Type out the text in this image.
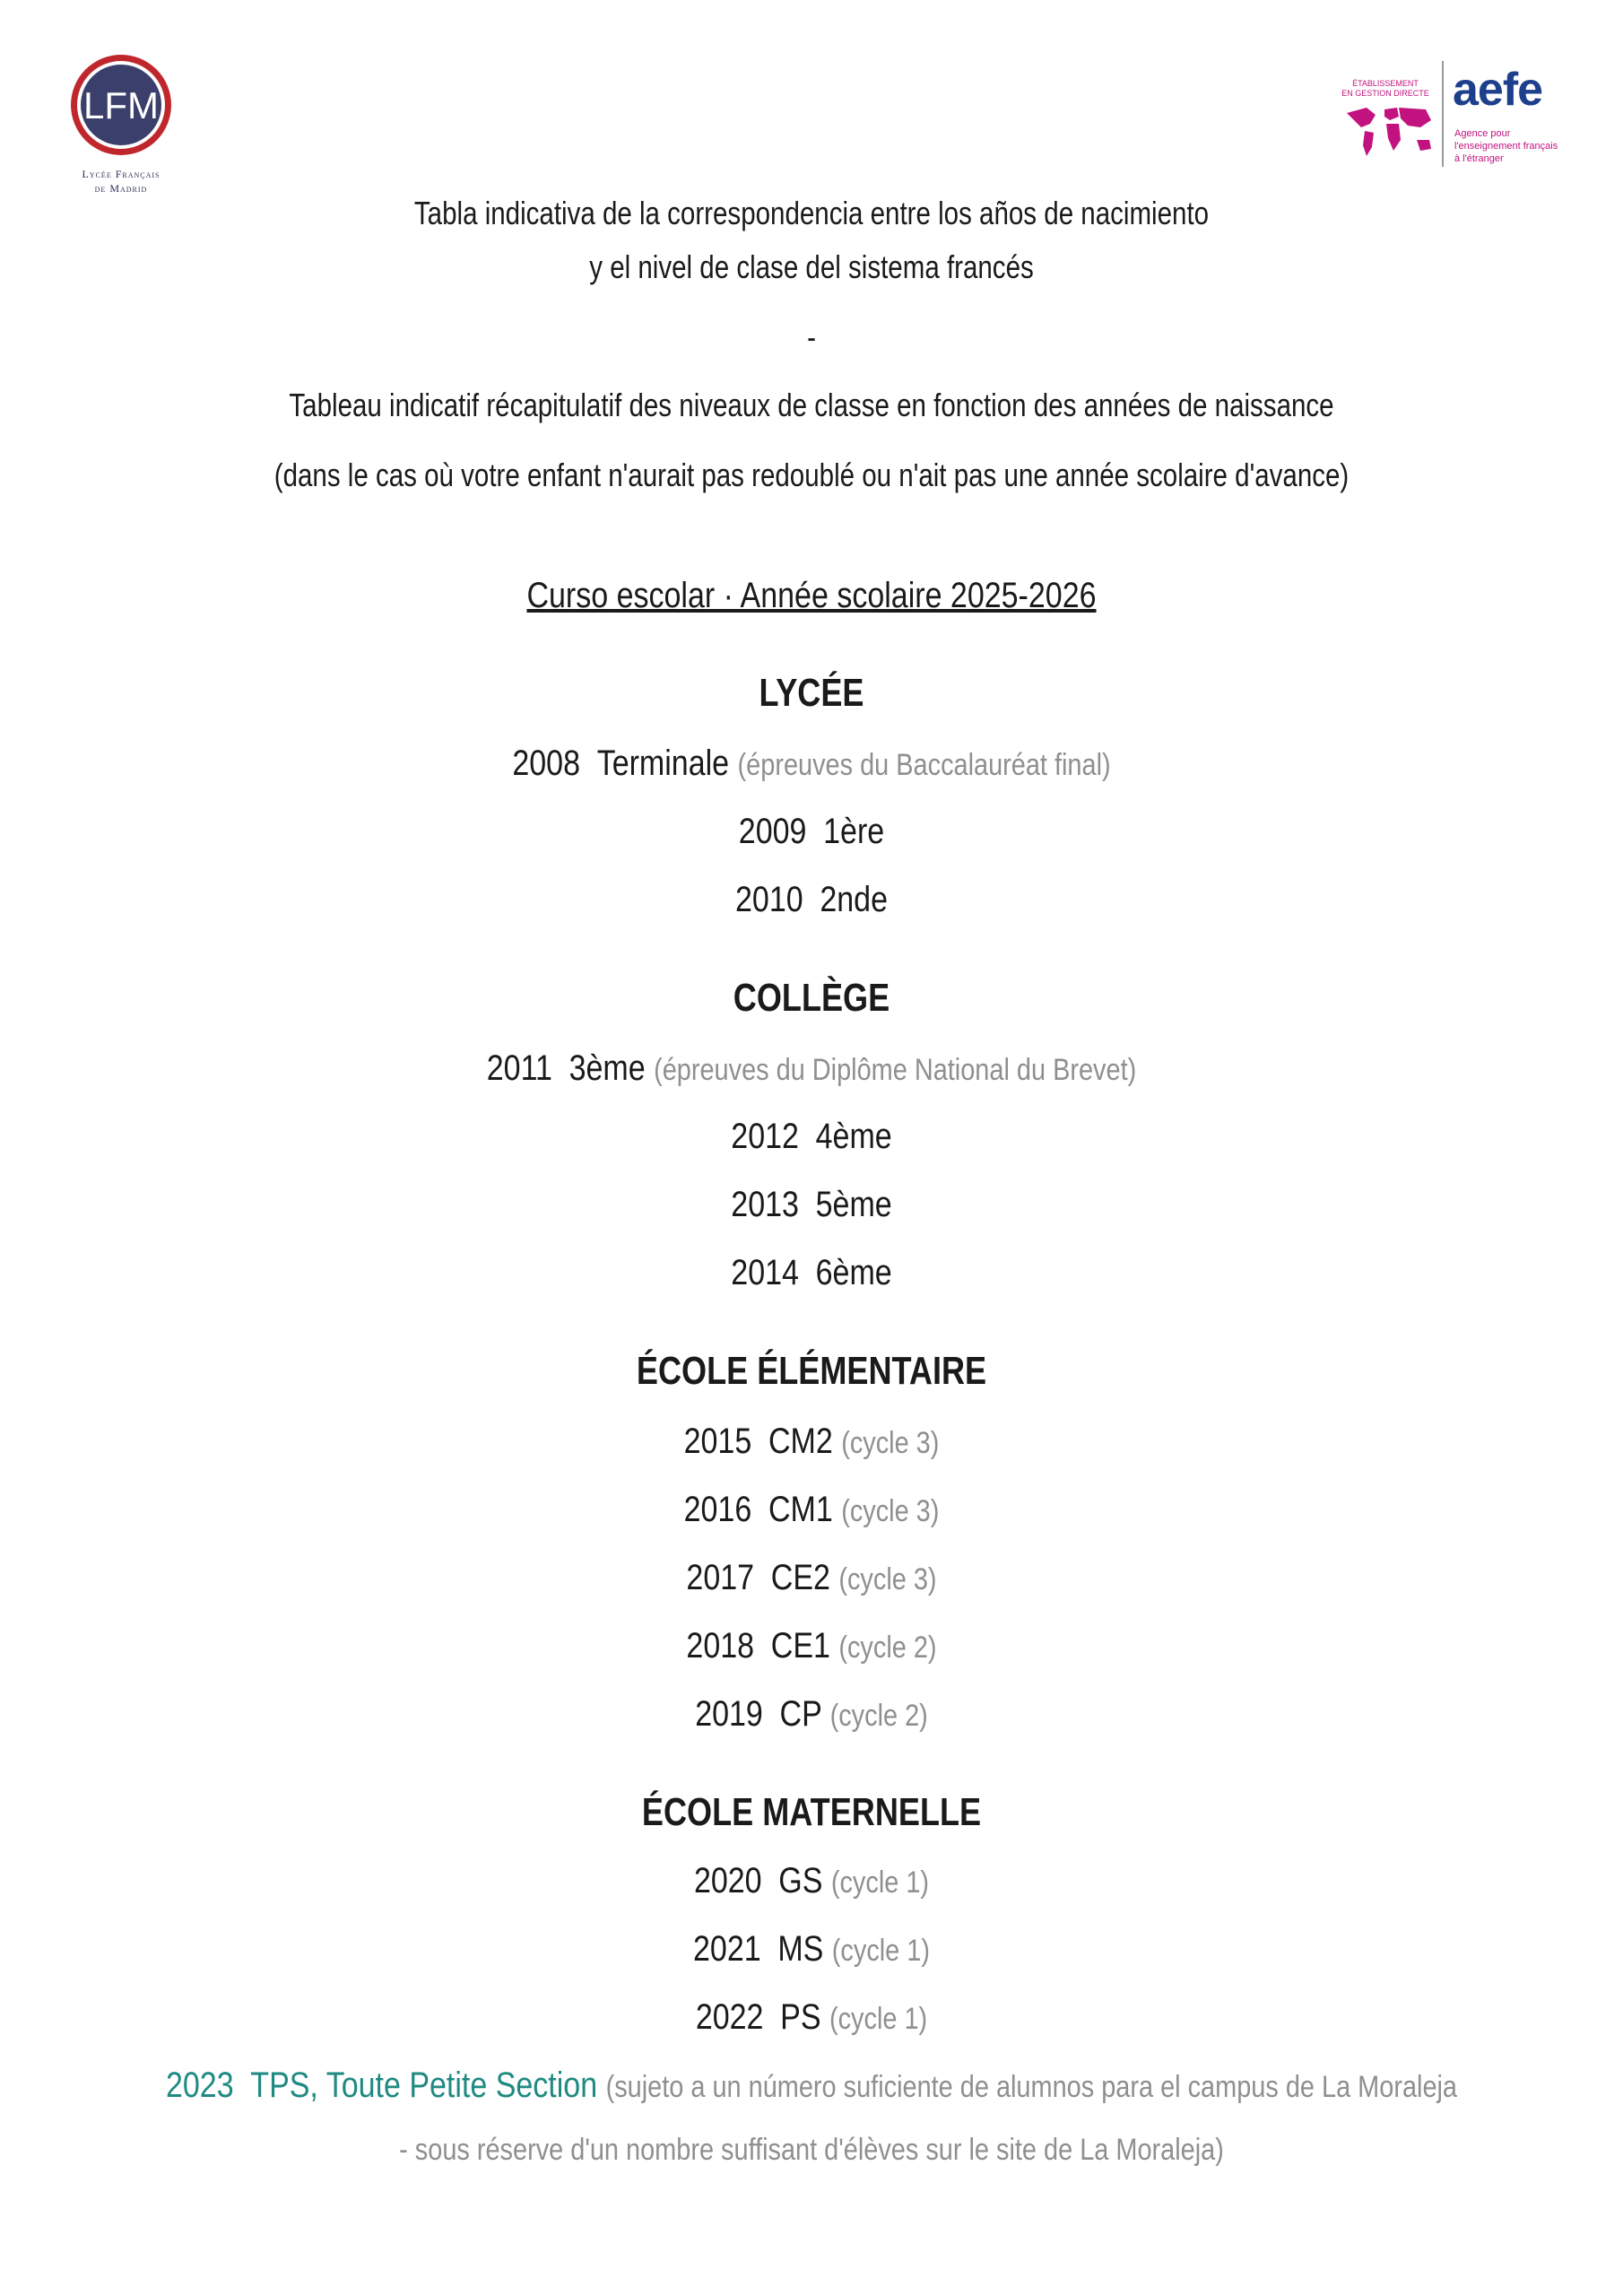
LFM
Lycée Français
de Madrid
ÉTABLISSEMENT
EN GESTION DIRECTE aefe
Agence pour
l'enseignement français
à l'étranger
Tabla indicativa de la correspondencia entre los años de nacimiento
y el nivel de clase del sistema francés
-
Tableau indicatif récapitulatif des niveaux de classe en fonction des années de naissance
(dans le cas où votre enfant n'aurait pas redoublé ou n'ait pas une année scolaire d'avance)
Curso escolar · Année scolaire 2025-2026
LYCÉE
2008 Terminale (épreuves du Baccalauréat final)
2009 1ère
2010 2nde
COLLÈGE
2011 3ème (épreuves du Diplôme National du Brevet)
2012 4ème
2013 5ème
2014 6ème
ÉCOLE ÉLÉMENTAIRE
2015 CM2 (cycle 3)
2016 CM1 (cycle 3)
2017 CE2 (cycle 3)
2018 CE1 (cycle 2)
2019 CP (cycle 2)
ÉCOLE MATERNELLE
2020 GS (cycle 1)
2021 MS (cycle 1)
2022 PS (cycle 1)
2023 TPS, Toute Petite Section (sujeto a un número suficiente de alumnos para el campus de La Moraleja
- sous réserve d'un nombre suffisant d'élèves sur le site de La Moraleja)
